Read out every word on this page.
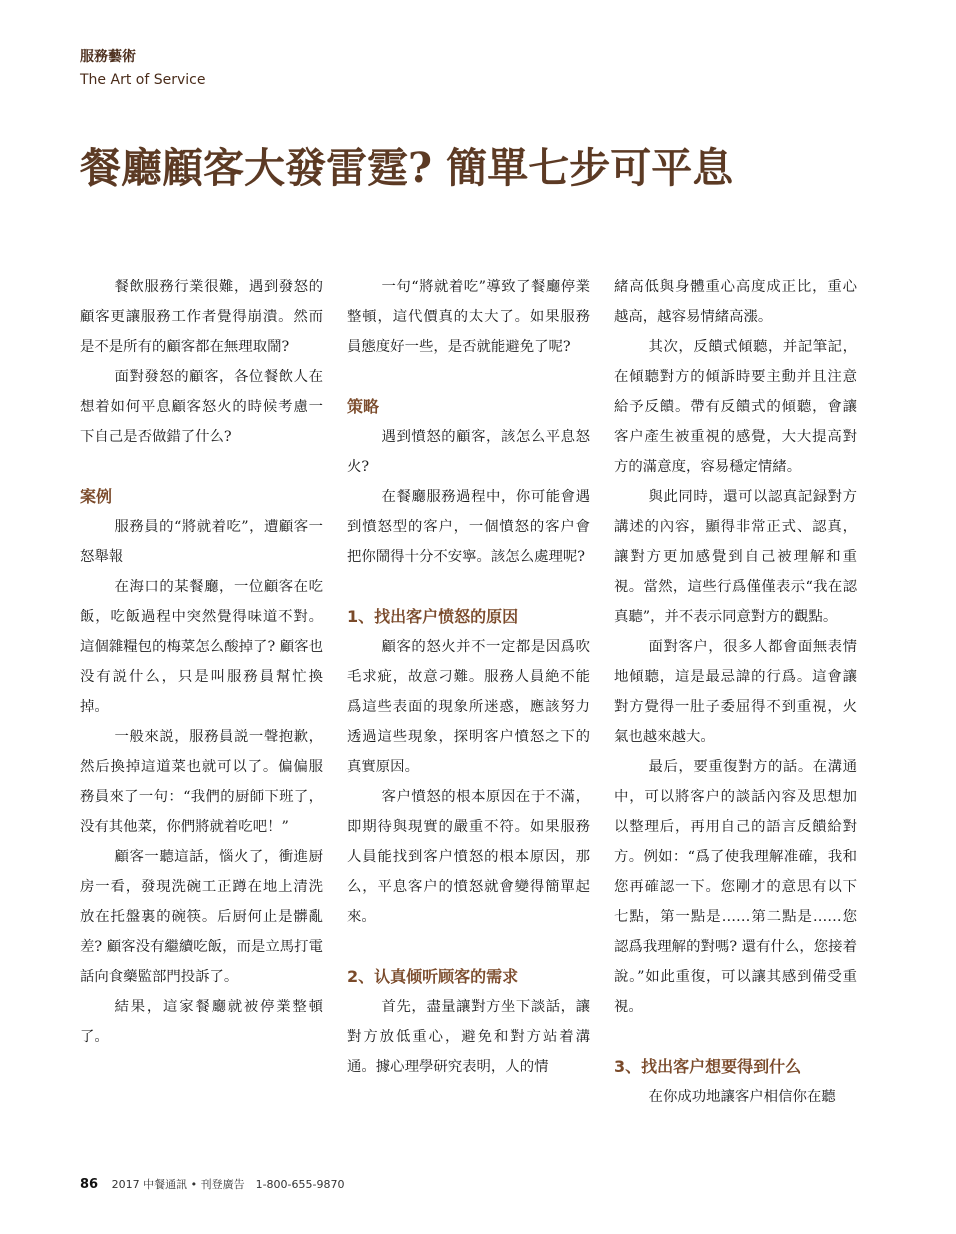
服務藝術
The Art of Service
餐廳顧客大發雷霆? 簡單七步可平息

餐飲服務行業很難，遇到發怒的顧客更讓服務工作者覺得崩潰。然而是不是所有的顧客都在無理取鬧?

面對發怒的顧客，各位餐飲人在想着如何平息顧客怒火的時候考慮一下自己是否做錯了什么?

案例

服務員的“將就着吃”，遭顧客一怒舉報

在海口的某餐廳，一位顧客在吃飯，吃飯過程中突然覺得味道不對。這個雜糧包的梅菜怎么酸掉了? 顧客也没有説什么，只是叫服務員幫忙換掉。

一般來説，服務員説一聲抱歉，然后換掉這道菜也就可以了。偏偏服務員來了一句：“我們的厨師下班了，没有其他菜，你們將就着吃吧！”

顧客一聽這話，惱火了，衝進厨房一看，發現洗碗工正蹲在地上清洗放在托盤裏的碗筷。后厨何止是髒亂差? 顧客没有繼續吃飯，而是立馬打電話向食藥監部門投訴了。

結果，這家餐廳就被停業整頓了。

一句“將就着吃”導致了餐廳停業整頓，這代價真的太大了。如果服務員態度好一些，是否就能避免了呢?

策略

遇到憤怒的顧客，該怎么平息怒火?

在餐廳服務過程中，你可能會遇到憤怒型的客户，一個憤怒的客户會把你鬧得十分不安寧。該怎么處理呢?

1、找出客户愤怒的原因

顧客的怒火并不一定都是因爲吹毛求疵，故意刁難。服務人員絶不能爲這些表面的現象所迷惑，應該努力透過這些現象，探明客户憤怒之下的真實原因。

客户憤怒的根本原因在于不滿，即期待與現實的嚴重不符。如果服務人員能找到客户憤怒的根本原因，那么，平息客户的憤怒就會變得簡單起來。

2、认真倾听顾客的需求

首先，盡量讓對方坐下談話，讓對方放低重心，避免和對方站着溝通。據心理學研究表明，人的情

緒高低與身體重心高度成正比，重心越高，越容易情緒高漲。

其次，反饋式傾聽，并記筆記，在傾聽對方的傾訴時要主動并且注意給予反饋。帶有反饋式的傾聽，會讓客户產生被重視的感覺，大大提高對方的滿意度，容易穩定情緒。

與此同時，還可以認真記録對方講述的內容，顯得非常正式、認真，讓對方更加感覺到自己被理解和重視。當然，這些行爲僅僅表示“我在認真聽”，并不表示同意對方的觀點。

面對客户，很多人都會面無表情地傾聽，這是最忌諱的行爲。這會讓對方覺得一肚子委屈得不到重視，火氣也越來越大。

最后，要重復對方的話。在溝通中，可以將客户的談話內容及思想加以整理后，再用自己的語言反饋給對方。例如：“爲了使我理解准確，我和您再確認一下。您剛才的意思有以下七點，第一點是……第二點是……您認爲我理解的對嗎? 還有什么，您接着說。”如此重復，可以讓其感到備受重視。

3、找出客户想要得到什么

在你成功地讓客户相信你在聽

86 2017 中餐通訊 • 刊登廣告　1-800-655-9870
